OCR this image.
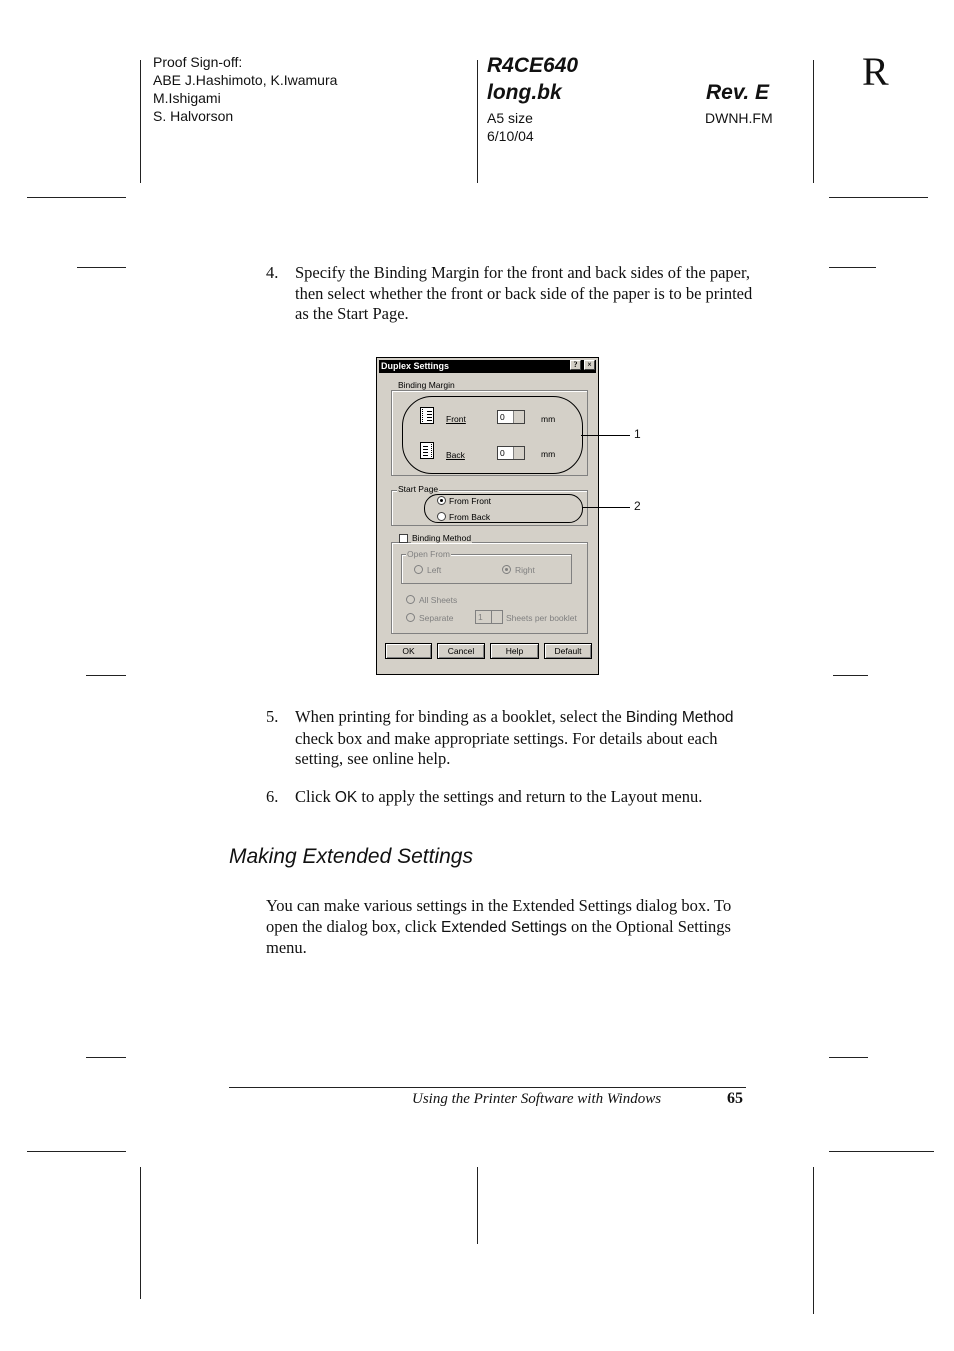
Proof Sign-off:
ABE J.Hashimoto, K.Iwamura
M.Ishigami
S. Halvorson
R4CE640
long.bk
A5 size
6/10/04
Rev. E
DWNH.FM
R
4. Specify the Binding Margin for the front and back sides of the paper, then select whether the front or back side of the paper is to be printed as the Start Page.
Duplex Settings	?	×
Binding Margin
Front	0	mm
Back	0	mm
Start Page
From Front
From Back
Binding Method
Open From
Left	Right
All Sheets
Separate	1	Sheets per booklet
OK	Cancel	Help	Default
1
2
5. When printing for binding as a booklet, select the Binding Method check box and make appropriate settings. For details about each setting, see online help.
6. Click OK to apply the settings and return to the Layout menu.
Making Extended Settings
You can make various settings in the Extended Settings dialog box. To open the dialog box, click Extended Settings on the Optional Settings menu.
Using the Printer Software with Windows	65
